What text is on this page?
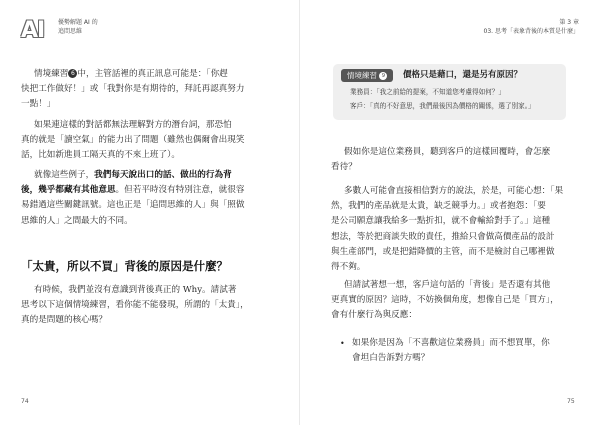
AI	優勢解題 AI 的
追問思維
情境練習 6 中，主管話裡的真正訊息可能是：「你趕
快把工作做好！」或「我對你是有期待的，拜託再認真努力
一點！」
如果連這樣的對話都無法理解對方的潛台詞，那恐怕
真的就是「讀空氣」的能力出了問題（雖然也偶爾會出現笑
話，比如新進員工隔天真的不來上班了）。
就像這些例子，我們每天說出口的話、做出的行為背
後，幾乎都藏有其他意思。但若平時沒有特別注意，就很容
易錯過這些關鍵訊號。這也正是「追問思維的人」與「照做
思維的人」之間最大的不同。
「太貴，所以不買」背後的原因是什麼？
有時候，我們並沒有意識到背後真正的 Why。請試著
思考以下這個情境練習，看你能不能發現，所謂的「太貴」，
真的是問題的核心嗎？
74
第 3 章
03. 思考「表象背後的本質是什麼」
情境練習 9	價格只是藉口，還是另有原因？
業務員：「我之前給的提案，不知道您考慮得如何？」
客戶：「真的不好意思，我們最後因為價格的關係，選了別家。」
假如你是這位業務員，聽到客戶的這樣回覆時，會怎麼
看待？
多數人可能會直接相信對方的說法，於是，可能心想：「果
然，我們的產品就是太貴，缺乏競爭力。」或者抱怨：「要
是公司願意讓我給多一點折扣，就不會輸給對手了。」這種
想法，等於把商談失敗的責任，推給只會做高價產品的設計
與生產部門，或是把錯降價的主管，而不是檢討自己哪裡做
得不夠。
但請試著想一想，客戶這句話的「背後」是否還有其他
更真實的原因？這時，不妨換個角度，想像自己是「買方」，
會有什麼行為與反應：
• 如果你是因為「不喜歡這位業務員」而不想買單，你
會坦白告訴對方嗎？
75
